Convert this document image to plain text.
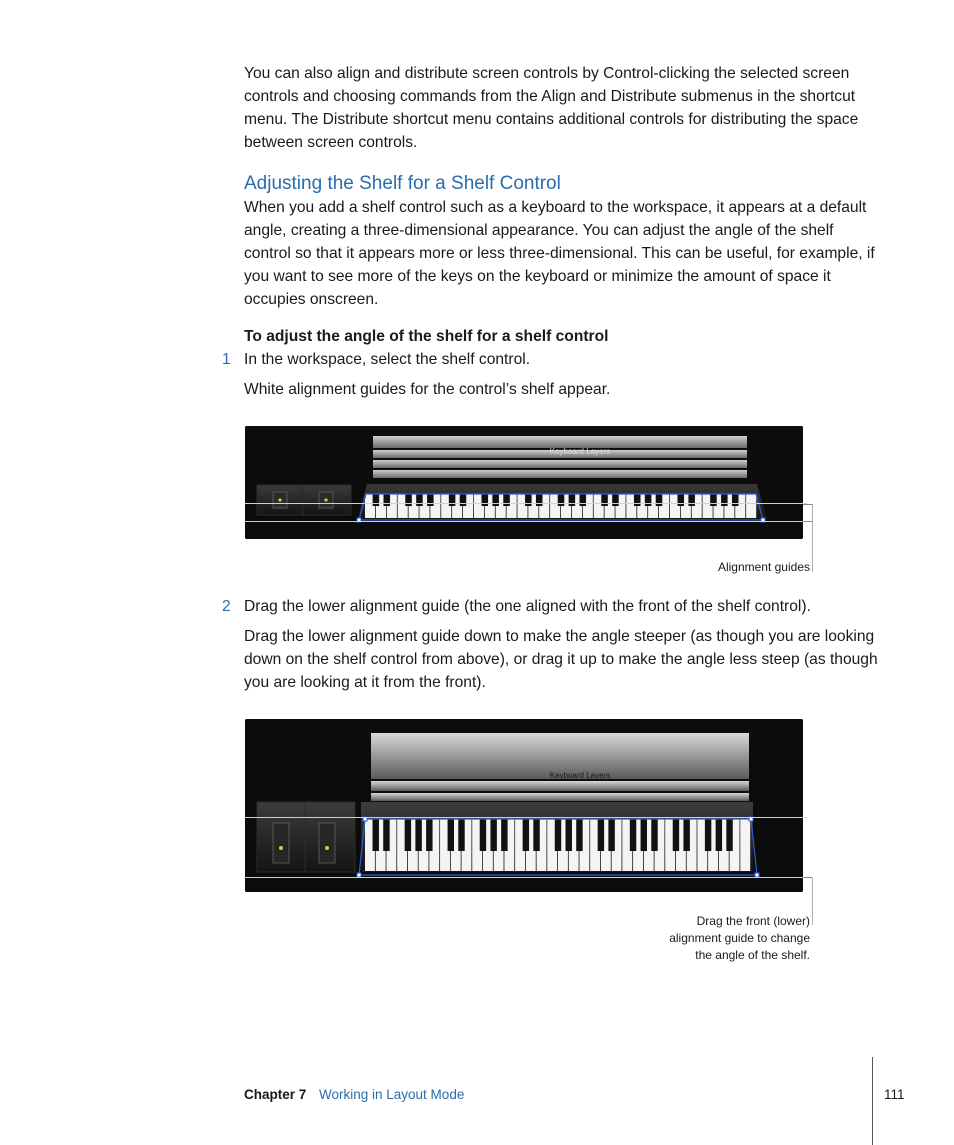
You can also align and distribute screen controls by Control-clicking the selected screen controls and choosing commands from the Align and Distribute submenus in the shortcut menu. The Distribute shortcut menu contains additional controls for distributing the space between screen controls.

Adjusting the Shelf for a Shelf Control

When you add a shelf control such as a keyboard to the workspace, it appears at a default angle, creating a three-dimensional appearance. You can adjust the angle of the shelf control so that it appears more or less three-dimensional. This can be useful, for example, if you want to see more of the keys on the keyboard or minimize the amount of space it occupies onscreen.

To adjust the angle of the shelf for a shelf control

1 In the workspace, select the shelf control.

White alignment guides for the control’s shelf appear.

Keyboard Layers
Alignment guides
2 Drag the lower alignment guide (the one aligned with the front of the shelf control).

Drag the lower alignment guide down to make the angle steeper (as though you are looking down on the shelf control from above), or drag it up to make the angle less steep (as though you are looking at it from the front).

Keyboard Layers
Drag the front (lower)
alignment guide to change
the angle of the shelf.
Chapter 7 Working in Layout Mode	111
